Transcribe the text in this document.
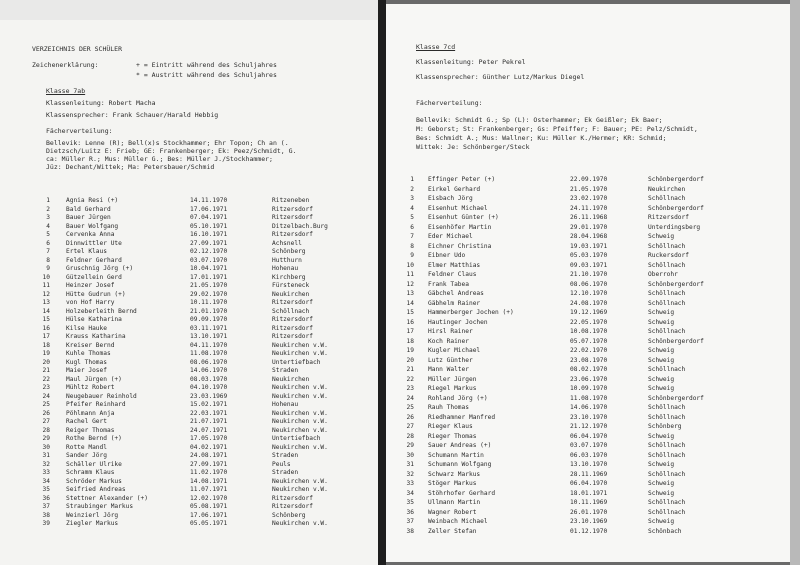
VERZEICHNIS DER SCHÜLER
Zeichenerklärung:	+ = Eintritt während des Schuljahres
* = Austritt während des Schuljahres
Klasse 7ab
Klassenleitung: Robert Macha
Klassensprecher: Frank Schauer/Harald Hebbig
Fächerverteilung:
Bellevik: Lenne (R); Bell(x)s Stockhammer; Ehr Topon; Ch an (.
Dietzsch/Luitz E: Frieb; GE: Frankenberger; Ek: Peez/Schmidt, G.
ca: Müller R.; Mus: Müller G.; Bes: Müller J./Stockhammer;
Jüz: Dechant/Wittek; Ma: Petersbauer/Schmid
1	Agnia Resi (+)	14.11.1970	Ritzeneben
2	Bald Gerhard	17.06.1971	Ritzersdorf
3	Bauer Jürgen	07.04.1971	Ritzersdorf
4	Bauer Wolfgang	05.10.1971	Ditzelbach.Burg
5	Cervenka Anna	16.10.1971	Ritzersdorf
6	Dinnwittler Ute	27.09.1971	Achsnell
7	Ertel Klaus	02.12.1970	Schönberg
8	Feldner Gerhard	03.07.1970	Hutthurn
9	Gruschnig Jörg (+)	10.04.1971	Hohenau
10	Gützellein Gerd	17.01.1971	Kirchberg
11	Heinzer Josef	21.05.1970	Fürsteneck
12	Hütte Gudrun (+)	29.02.1970	Neukirchen
13	von Hof Harry	10.11.1970	Ritzersdorf
14	Holzeberleith Bernd	21.01.1970	Schöllnach
15	Hülse Katharina	09.09.1970	Ritzersdorf
16	Kilse Hauke	03.11.1971	Ritzersdorf
17	Krauss Katharina	13.10.1971	Ritzersdorf
18	Kreiser Bernd	04.11.1970	Neukirchen v.W.
19	Kuhle Thomas	11.08.1970	Neukirchen v.W.
20	Kugl Thomas	08.06.1970	Untertiefbach
21	Maier Josef	14.06.1970	Straden
22	Maul Jürgen (+)	08.03.1970	Neukirchen
23	Mühltz Robert	04.10.1970	Neukirchen v.W.
24	Neugebauer Reinhold	23.03.1969	Neukirchen v.W.
25	Pfeifer Reinhard	15.02.1971	Hohenau
26	Pöhlmann Anja	22.03.1971	Neukirchen v.W.
27	Rachel Gert	21.07.1971	Neukirchen v.W.
28	Reiger Thomas	24.07.1971	Neukirchen v.W.
29	Rothe Bernd (+)	17.05.1970	Untertiefbach
30	Rotte Mandl	04.02.1971	Neukirchen v.W.
31	Sander Jörg	24.08.1971	Straden
32	Schäller Ulrike	27.09.1971	Peuls
33	Schramm Klaus	11.02.1970	Straden
34	Schröder Markus	14.08.1971	Neukirchen v.W.
35	Seifried Andreas	11.07.1971	Neukirchen v.W.
36	Stettner Alexander (+)	12.02.1970	Ritzersdorf
37	Straubinger Markus	05.08.1971	Ritzersdorf
38	Weinzierl Jörg	17.06.1971	Schönberg
39	Ziegler Markus	05.05.1971	Neukirchen v.W.
Klasse 7cd
Klassenleitung: Peter Pekrel
Klassensprecher: Günther Lutz/Markus Diegel
Fächerverteilung:
Bellevik: Schmidt G.; Sp (L): Osterhammer; Ek Geißler; Ek Baer;
M: Geborst; St: Frankenberger; Gs: Pfeiffer; F: Bauer; PE: Pelz/Schmidt,
Bes: Schmidt A.; Mus: Wallner; Ku: Müller K./Hermer; KR: Schmid;
Wittek: Je: Schönberger/Steck
1 Effinger Peter (+)	22.09.1970	Schönbergerdorf
2 Eirkel Gerhard	21.05.1970	Neukirchen
3 Eisbach Jörg	23.02.1970	Schöllnach
4 Eisenhut Michael	24.11.1970	Schönbergerdorf
5 Eisenhut Günter (+)	26.11.1968	Ritzersdorf
6 Eisenhöfer Martin	29.01.1970	Unterdingsberg
7 Eder Michael	28.04.1968	Schweig
8 Eichner Christina	19.03.1971	Schöllnach
9 Eibner Udo	05.03.1970	Ruckersdorf
10 Elmer Matthias	09.03.1971	Schöllnach
11 Feldner Claus	21.10.1970	Oberrohr
12 Frank Tabea	08.06.1970	Schönbergerdorf
13 Gäbchel Andreas	12.10.1970	Schöllnach
14 Gäbhelm Rainer	24.08.1970	Schöllnach
15 Hammerberger Jochen (+)	19.12.1969	Schweig
16 Hautinger Jochen	22.05.1970	Schweig
17 Hirsl Rainer	10.08.1970	Schöllnach
18 Koch Rainer	05.07.1970	Schönbergerdorf
19 Kugler Michael	22.02.1970	Schweig
20 Lutz Günther	23.08.1970	Schweig
21 Mann Walter	08.02.1970	Schöllnach
22 Müller Jürgen	23.06.1970	Schweig
23 Riegel Markus	10.09.1970	Schweig
24 Rohland Jörg (+)	11.08.1970	Schönbergerdorf
25 Rauh Thomas	14.06.1970	Schöllnach
26 Riedhamner Manfred	23.10.1970	Schöllnach
27 Rieger Klaus	21.12.1970	Schönberg
28 Rieger Thomas	06.04.1970	Schweig
29 Sauer Andreas (+)	03.07.1970	Schöllnach
30 Schumann Martin	06.03.1970	Schöllnach
31 Schumann Wolfgang	13.10.1970	Schweig
32 Schwarz Markus	28.11.1969	Schöllnach
33 Stöger Markus	06.04.1970	Schweig
34 Stöhrhofer Gerhard	18.01.1971	Schweig
35 Ullmann Martin	10.11.1969	Schöllnach
36 Wagner Robert	26.01.1970	Schöllnach
37 Weinbach Michael	23.10.1969	Schweig
38 Zeller Stefan	01.12.1970	Schönbach
